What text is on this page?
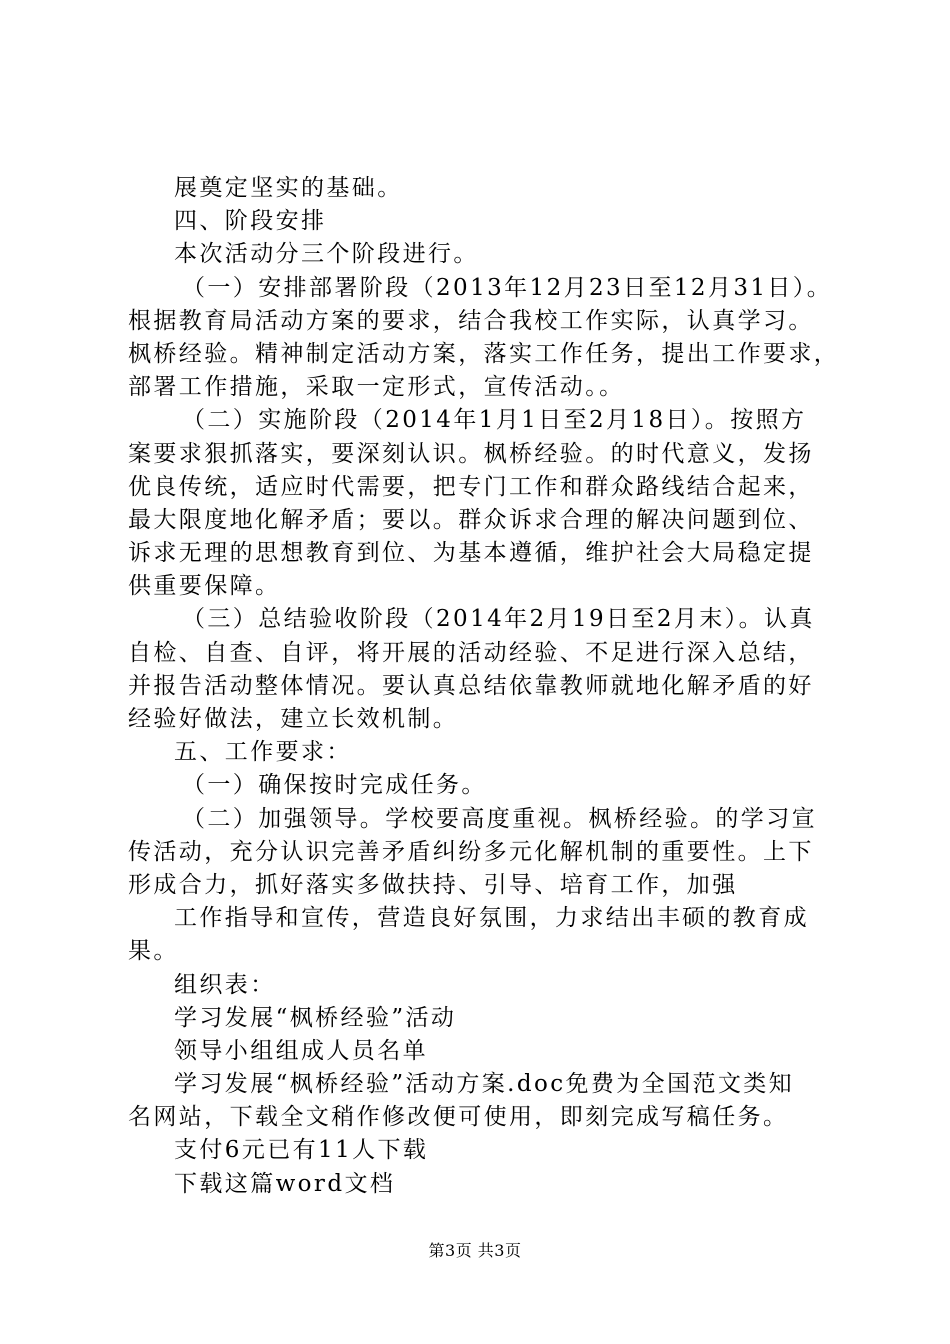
展奠定坚实的基础。
四、阶段安排
本次活动分三个阶段进行。
（一）安排部署阶段（2013年12月23日至12月31日）。
根据教育局活动方案的要求，结合我校工作实际，认真学习。
枫桥经验。精神制定活动方案，落实工作任务，提出工作要求，
部署工作措施，采取一定形式，宣传活动。。
（二）实施阶段（2014年1月1日至2月18日）。按照方
案要求狠抓落实，要深刻认识。枫桥经验。的时代意义，发扬
优良传统，适应时代需要，把专门工作和群众路线结合起来，
最大限度地化解矛盾；要以。群众诉求合理的解决问题到位、
诉求无理的思想教育到位、为基本遵循，维护社会大局稳定提
供重要保障。
（三）总结验收阶段（2014年2月19日至2月末）。认真
自检、自查、自评，将开展的活动经验、不足进行深入总结，
并报告活动整体情况。要认真总结依靠教师就地化解矛盾的好
经验好做法，建立长效机制。
五、工作要求：
（一）确保按时完成任务。
（二）加强领导。学校要高度重视。枫桥经验。的学习宣
传活动，充分认识完善矛盾纠纷多元化解机制的重要性。上下
形成合力，抓好落实多做扶持、引导、培育工作，加强
工作指导和宣传，营造良好氛围，力求结出丰硕的教育成
果。
组织表：
学习发展“枫桥经验”活动
领导小组组成人员名单
学习发展“枫桥经验”活动方案.doc免费为全国范文类知
名网站，下载全文稍作修改便可使用，即刻完成写稿任务。
支付6元已有11人下载
下载这篇word文档
第3页 共3页
